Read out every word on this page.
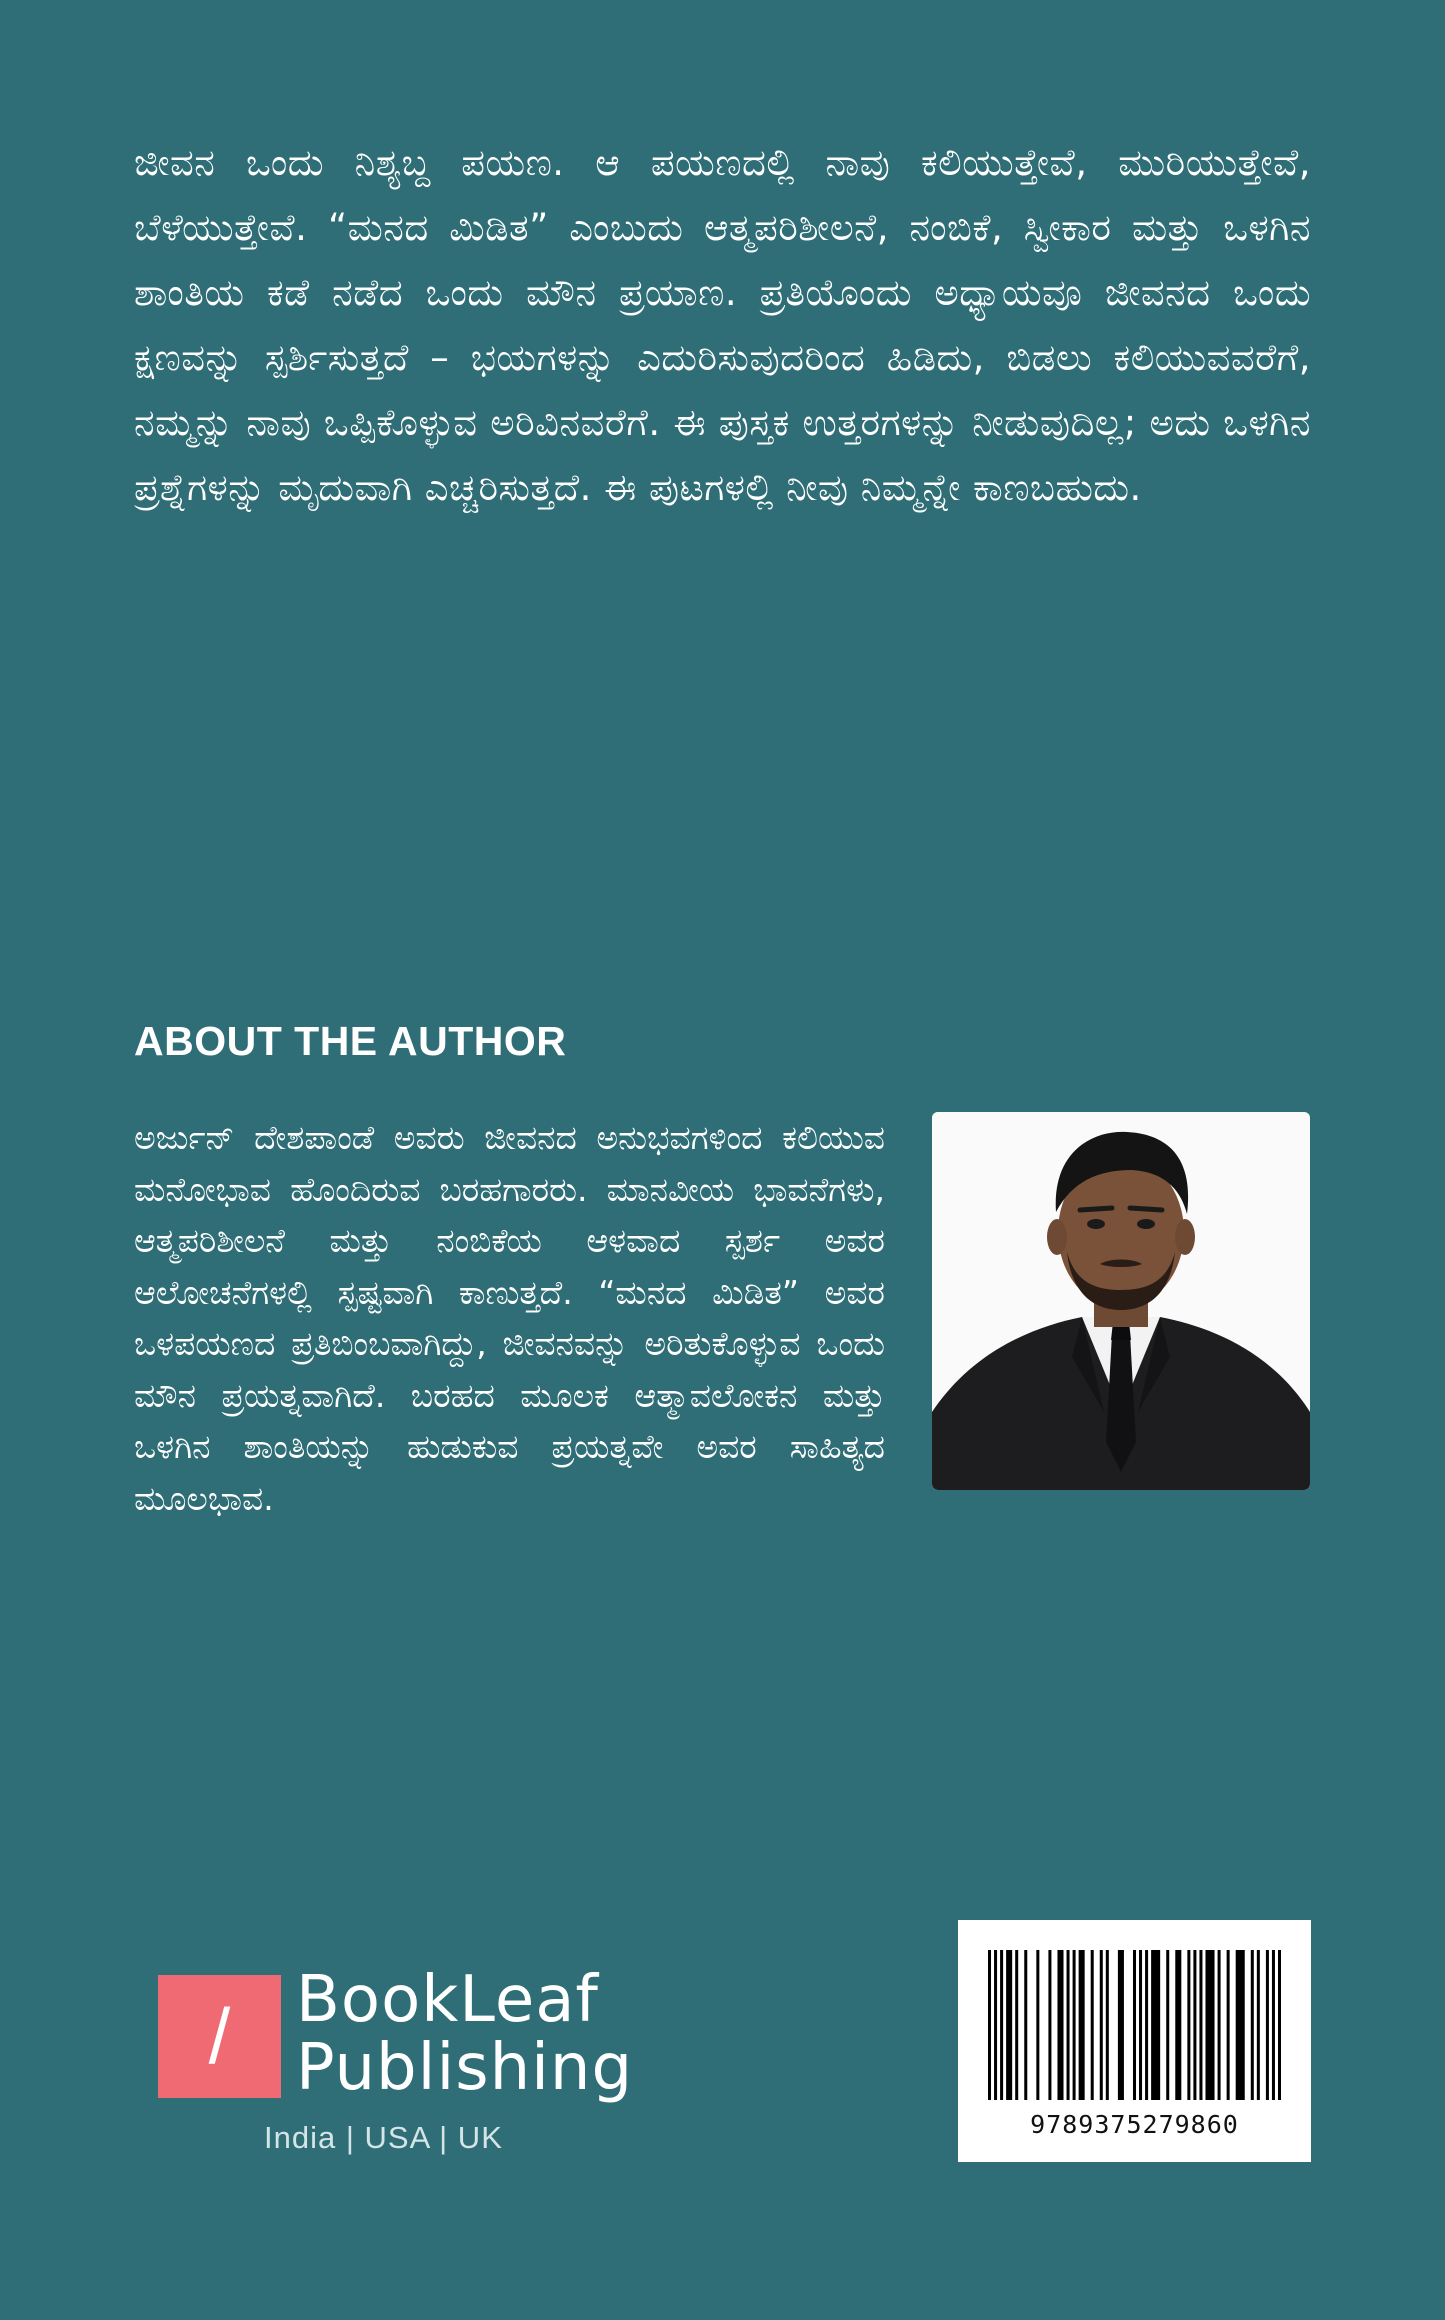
ಜೀವನ ಒಂದು ನಿಶ್ಯಬ್ದ ಪಯಣ. ಆ ಪಯಣದಲ್ಲಿ ನಾವು ಕಲಿಯುತ್ತೇವೆ, ಮುರಿಯುತ್ತೇವೆ, ಬೆಳೆಯುತ್ತೇವೆ. “ಮನದ ಮಿಡಿತ” ಎಂಬುದು ಆತ್ಮಪರಿಶೀಲನೆ, ನಂಬಿಕೆ, ಸ್ವೀಕಾರ ಮತ್ತು ಒಳಗಿನ ಶಾಂತಿಯ ಕಡೆ ನಡೆದ ಒಂದು ಮೌನ ಪ್ರಯಾಣ. ಪ್ರತಿಯೊಂದು ಅಧ್ಯಾಯವೂ ಜೀವನದ ಒಂದು ಕ್ಷಣವನ್ನು ಸ್ಪರ್ಶಿಸುತ್ತದೆ – ಭಯಗಳನ್ನು ಎದುರಿಸುವುದರಿಂದ ಹಿಡಿದು, ಬಿಡಲು ಕಲಿಯುವವರೆಗೆ, ನಮ್ಮನ್ನು ನಾವು ಒಪ್ಪಿಕೊಳ್ಳುವ ಅರಿವಿನವರೆಗೆ. ಈ ಪುಸ್ತಕ ಉತ್ತರಗಳನ್ನು ನೀಡುವುದಿಲ್ಲ; ಅದು ಒಳಗಿನ ಪ್ರಶ್ನೆಗಳನ್ನು ಮೃದುವಾಗಿ ಎಚ್ಚರಿಸುತ್ತದೆ. ಈ ಪುಟಗಳಲ್ಲಿ ನೀವು ನಿಮ್ಮನ್ನೇ ಕಾಣಬಹುದು.

ABOUT THE AUTHOR

ಅರ್ಜುನ್ ದೇಶಪಾಂಡೆ ಅವರು ಜೀವನದ ಅನುಭವಗಳಿಂದ ಕಲಿಯುವ ಮನೋಭಾವ ಹೊಂದಿರುವ ಬರಹಗಾರರು. ಮಾನವೀಯ ಭಾವನೆಗಳು, ಆತ್ಮಪರಿಶೀಲನೆ ಮತ್ತು ನಂಬಿಕೆಯ ಆಳವಾದ ಸ್ಪರ್ಶ ಅವರ ಆಲೋಚನೆಗಳಲ್ಲಿ ಸ್ಪಷ್ಟವಾಗಿ ಕಾಣುತ್ತದೆ. “ಮನದ ಮಿಡಿತ” ಅವರ ಒಳಪಯಣದ ಪ್ರತಿಬಿಂಬವಾಗಿದ್ದು, ಜೀವನವನ್ನು ಅರಿತುಕೊಳ್ಳುವ ಒಂದು ಮೌನ ಪ್ರಯತ್ನವಾಗಿದೆ. ಬರಹದ ಮೂಲಕ ಆತ್ಮಾವಲೋಕನ ಮತ್ತು ಒಳಗಿನ ಶಾಂತಿಯನ್ನು ಹುಡುಕುವ ಪ್ರಯತ್ನವೇ ಅವರ ಸಾಹಿತ್ಯದ ಮೂಲಭಾವ.

/	BookLeaf
Publishing
India | USA | UK	9789375279860
